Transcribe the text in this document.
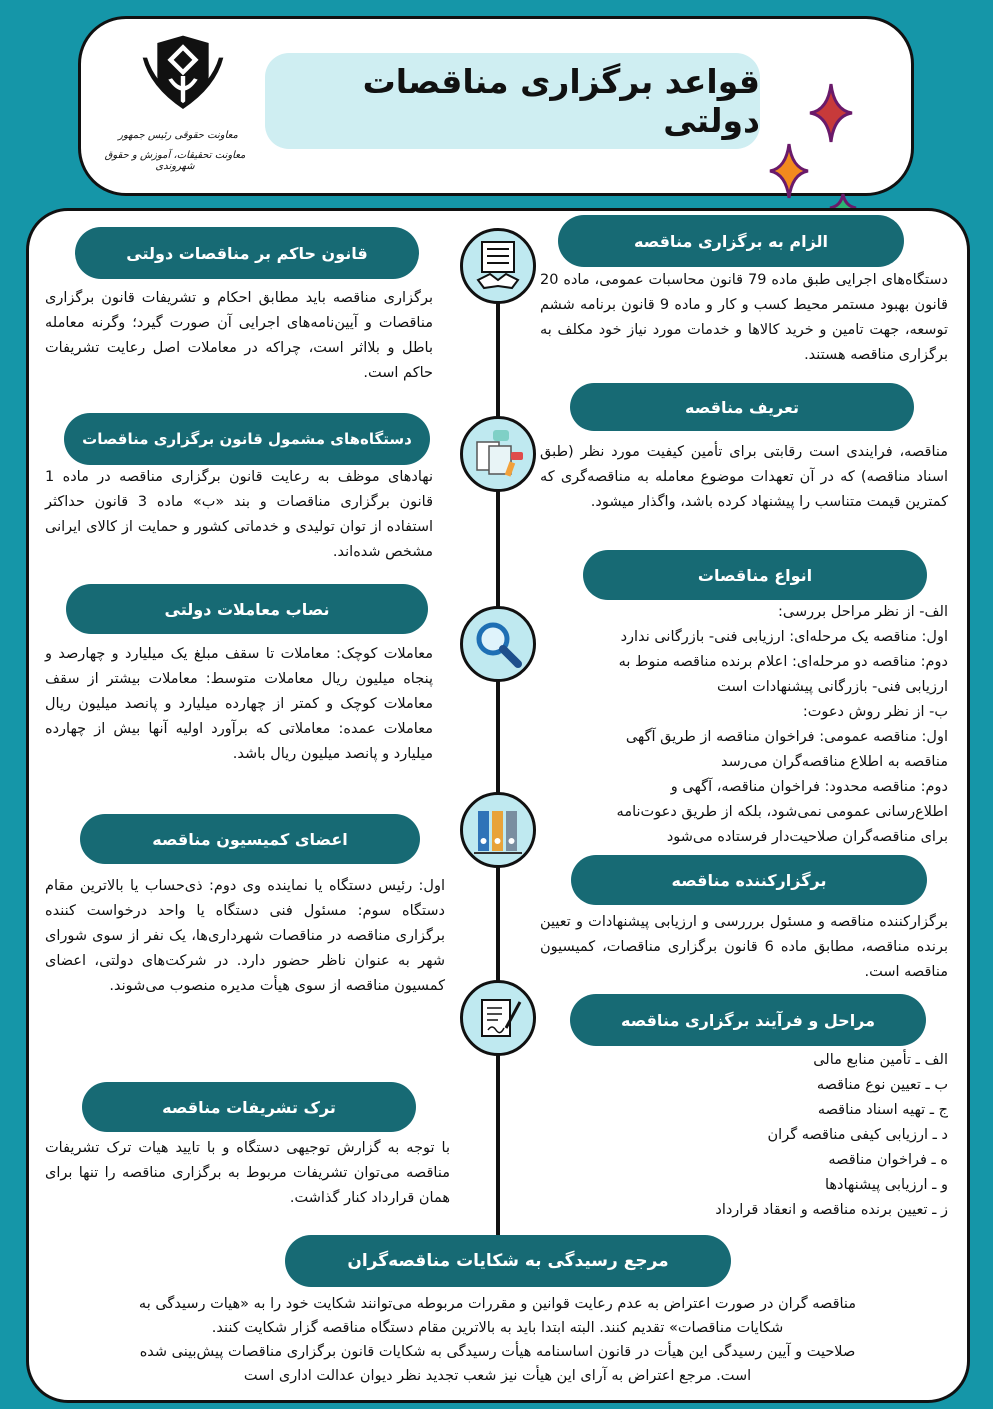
معاونت حقوقی رئیس جمهور
معاونت تحقیقات، آموزش و حقوق شهروندی
قواعد برگزاری مناقصات دولتی
الزام به برگزاری مناقصه
دستگاه‌های اجرایی طبق ماده 79 قانون محاسبات عمومی، ماده 20 قانون بهبود مستمر محیط کسب و کار و ماده 9 قانون برنامه ششم توسعه، جهت تامین و خرید کالاها و خدمات مورد نیاز خود مکلف به برگزاری مناقصه هستند.
تعریف مناقصه
مناقصه، فرایندی است رقابتی برای تأمین کیفیت مورد نظر (طبق اسناد مناقصه) که در آن تعهدات موضوع معامله به مناقصه‌گری که کمترین قیمت متناسب را پیشنهاد کرده باشد، واگذار میشود.
انواع مناقصات
الف- از نظر مراحل بررسی:
اول: مناقصه یک مرحله‌ای: ارزیابی فنی- بازرگانی ندارد
دوم: مناقصه دو مرحله‌ای: اعلام برنده مناقصه منوط به
ارزیابی فنی- بازرگانی پیشنهادات است
ب- از نظر روش دعوت:
اول: مناقصه عمومی: فراخوان مناقصه از طریق آگهی
مناقصه به اطلاع مناقصه‌گران می‌رسد
دوم: مناقصه محدود: فراخوان مناقصه، آگهی و
اطلاع‌رسانی عمومی نمی‌شود، بلکه از طریق دعوت‌نامه
برای مناقصه‌گران صلاحیت‌دار فرستاده می‌شود
برگزارکننده مناقصه
برگزارکننده مناقصه و مسئول برررسی و ارزیابی پیشنهادات و تعیین برنده مناقصه، مطابق ماده 6 قانون برگزاری مناقصات، کمیسیون مناقصه است.
مراحل و فرآیند برگزاری مناقصه
الف ـ تأمین منابع مالی
ب ـ تعیین نوع مناقصه
ج ـ تهیه اسناد مناقصه
د ـ ارزیابی کیفی مناقصه گران
ه ـ فراخوان مناقصه
و ـ ارزیابی پیشنهادها
ز ـ تعیین برنده مناقصه و انعقاد قرارداد
قانون حاکم بر مناقصات دولتی
برگزاری مناقصه باید مطابق احکام و تشریفات قانون برگزاری مناقصات و آیین‌نامه‌های اجرایی آن صورت گیرد؛ وگرنه معامله باطل و بلااثر است، چراکه در معاملات اصل رعایت تشریفات حاکم است.
دستگاه‌های مشمول قانون برگزاری مناقصات
نهادهای موظف به رعایت قانون برگزاری مناقصه در ماده 1 قانون برگزاری مناقصات و بند «ب» ماده 3 قانون حداکثر استفاده از توان تولیدی و خدماتی کشور و حمایت از کالای ایرانی مشخص شده‌اند.
نصاب معاملات دولتی
معاملات کوچک: معاملات تا سقف مبلغ یک میلیارد و چهارصد و پنجاه میلیون ریال معاملات متوسط: معاملات بیشتر از سقف معاملات کوچک و کمتر از چهارده میلیارد و پانصد میلیون ریال معاملات عمده: معاملاتی که برآورد اولیه آنها بیش از چهارده میلیارد و پانصد میلیون ریال باشد.
اعضای کمیسیون مناقصه
اول: رئیس دستگاه یا نماینده وی دوم: ذی‌حساب یا بالاترین مقام دستگاه سوم: مسئول فنی دستگاه یا واحد درخواست کننده برگزاری مناقصه در مناقصات شهرداری‌ها، یک نفر از سوی شورای شهر به عنوان ناظر حضور دارد. در شرکت‌های دولتی، اعضای کمسیون مناقصه از سوی هیأت مدیره منصوب می‌شوند.
ترک تشریفات مناقصه
با توجه به گزارش توجیهی دستگاه و با تایید هیات ترک تشریفات مناقصه می‌توان تشریفات مربوط به برگزاری مناقصه را تنها برای همان قرارداد کنار گذاشت.
مرجع رسیدگی به شکایات مناقصه‌گران
مناقصه گران در صورت اعتراض به عدم رعایت قوانین و مقررات مربوطه می‌توانند شکایت خود را به «هیات رسیدگی به
شکایات مناقصات» تقدیم کنند. البته ابتدا باید به بالاترین مقام دستگاه مناقصه گزار شکایت کنند.
صلاحیت و آیین رسیدگی این هیأت در قانون اساسنامه هیأت رسیدگی به شکایات قانون برگزاری مناقصات پیش‌بینی شده
است. مرجع اعتراض به آرای این هیأت نیز شعب تجدید نظر دیوان عدالت اداری است
